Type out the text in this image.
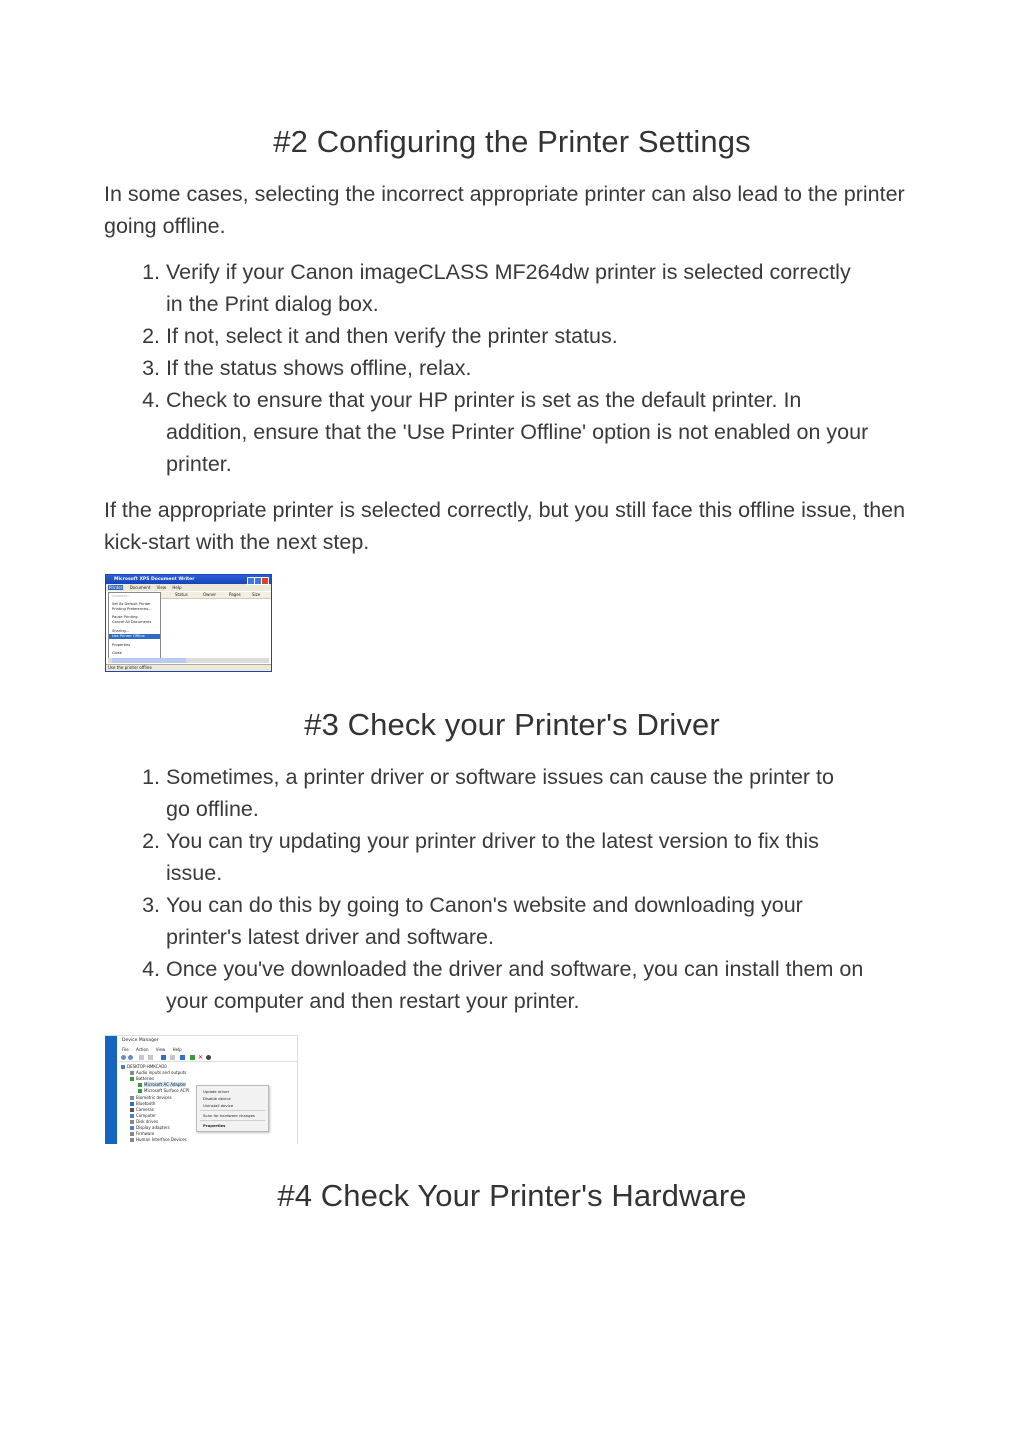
#2 Configuring the Printer Settings

In some cases, selecting the incorrect appropriate printer can also lead to the printer going offline.

1. Verify if your Canon imageCLASS MF264dw printer is selected correctly
in the Print dialog box.
2. If not, select it and then verify the printer status.
3. If the status shows offline, relax.
4. Check to ensure that your HP printer is set as the default printer. In
addition, ensure that the 'Use Printer Offline' option is not enabled on your
printer.

If the appropriate printer is selected correctly, but you still face this offline issue, then kick-start with the next step.

Microsoft XPS Document Writer
Printer Document View Help
Status	Owner	Pages	Size
Connect...
Set As Default Printer
Printing Preferences...
Pause Printing
Cancel All Documents
Sharing...
Use Printer Offline
Properties
Close
Use the printer offline
#3 Check your Printer's Driver
1. Sometimes, a printer driver or software issues can cause the printer to
go offline.
2. You can try updating your printer driver to the latest version to fix this
issue.
3. You can do this by going to Canon's website and downloading your
printer's latest driver and software.
4. Once you've downloaded the driver and software, you can install them on
your computer and then restart your printer.
Device Manager
File Action View Help
✕
DESKTOP-HMKCAO0
Audio inputs and outputs
Batteries
Microsoft AC Adapter
Microsoft Surface ACPI
Biometric devices
Bluetooth
Cameras
Computer
Disk drives
Display adapters
Firmware
Human Interface Devices
Update driver
Disable device
Uninstall device
Scan for hardware changes
Properties
#4 Check Your Printer's Hardware
